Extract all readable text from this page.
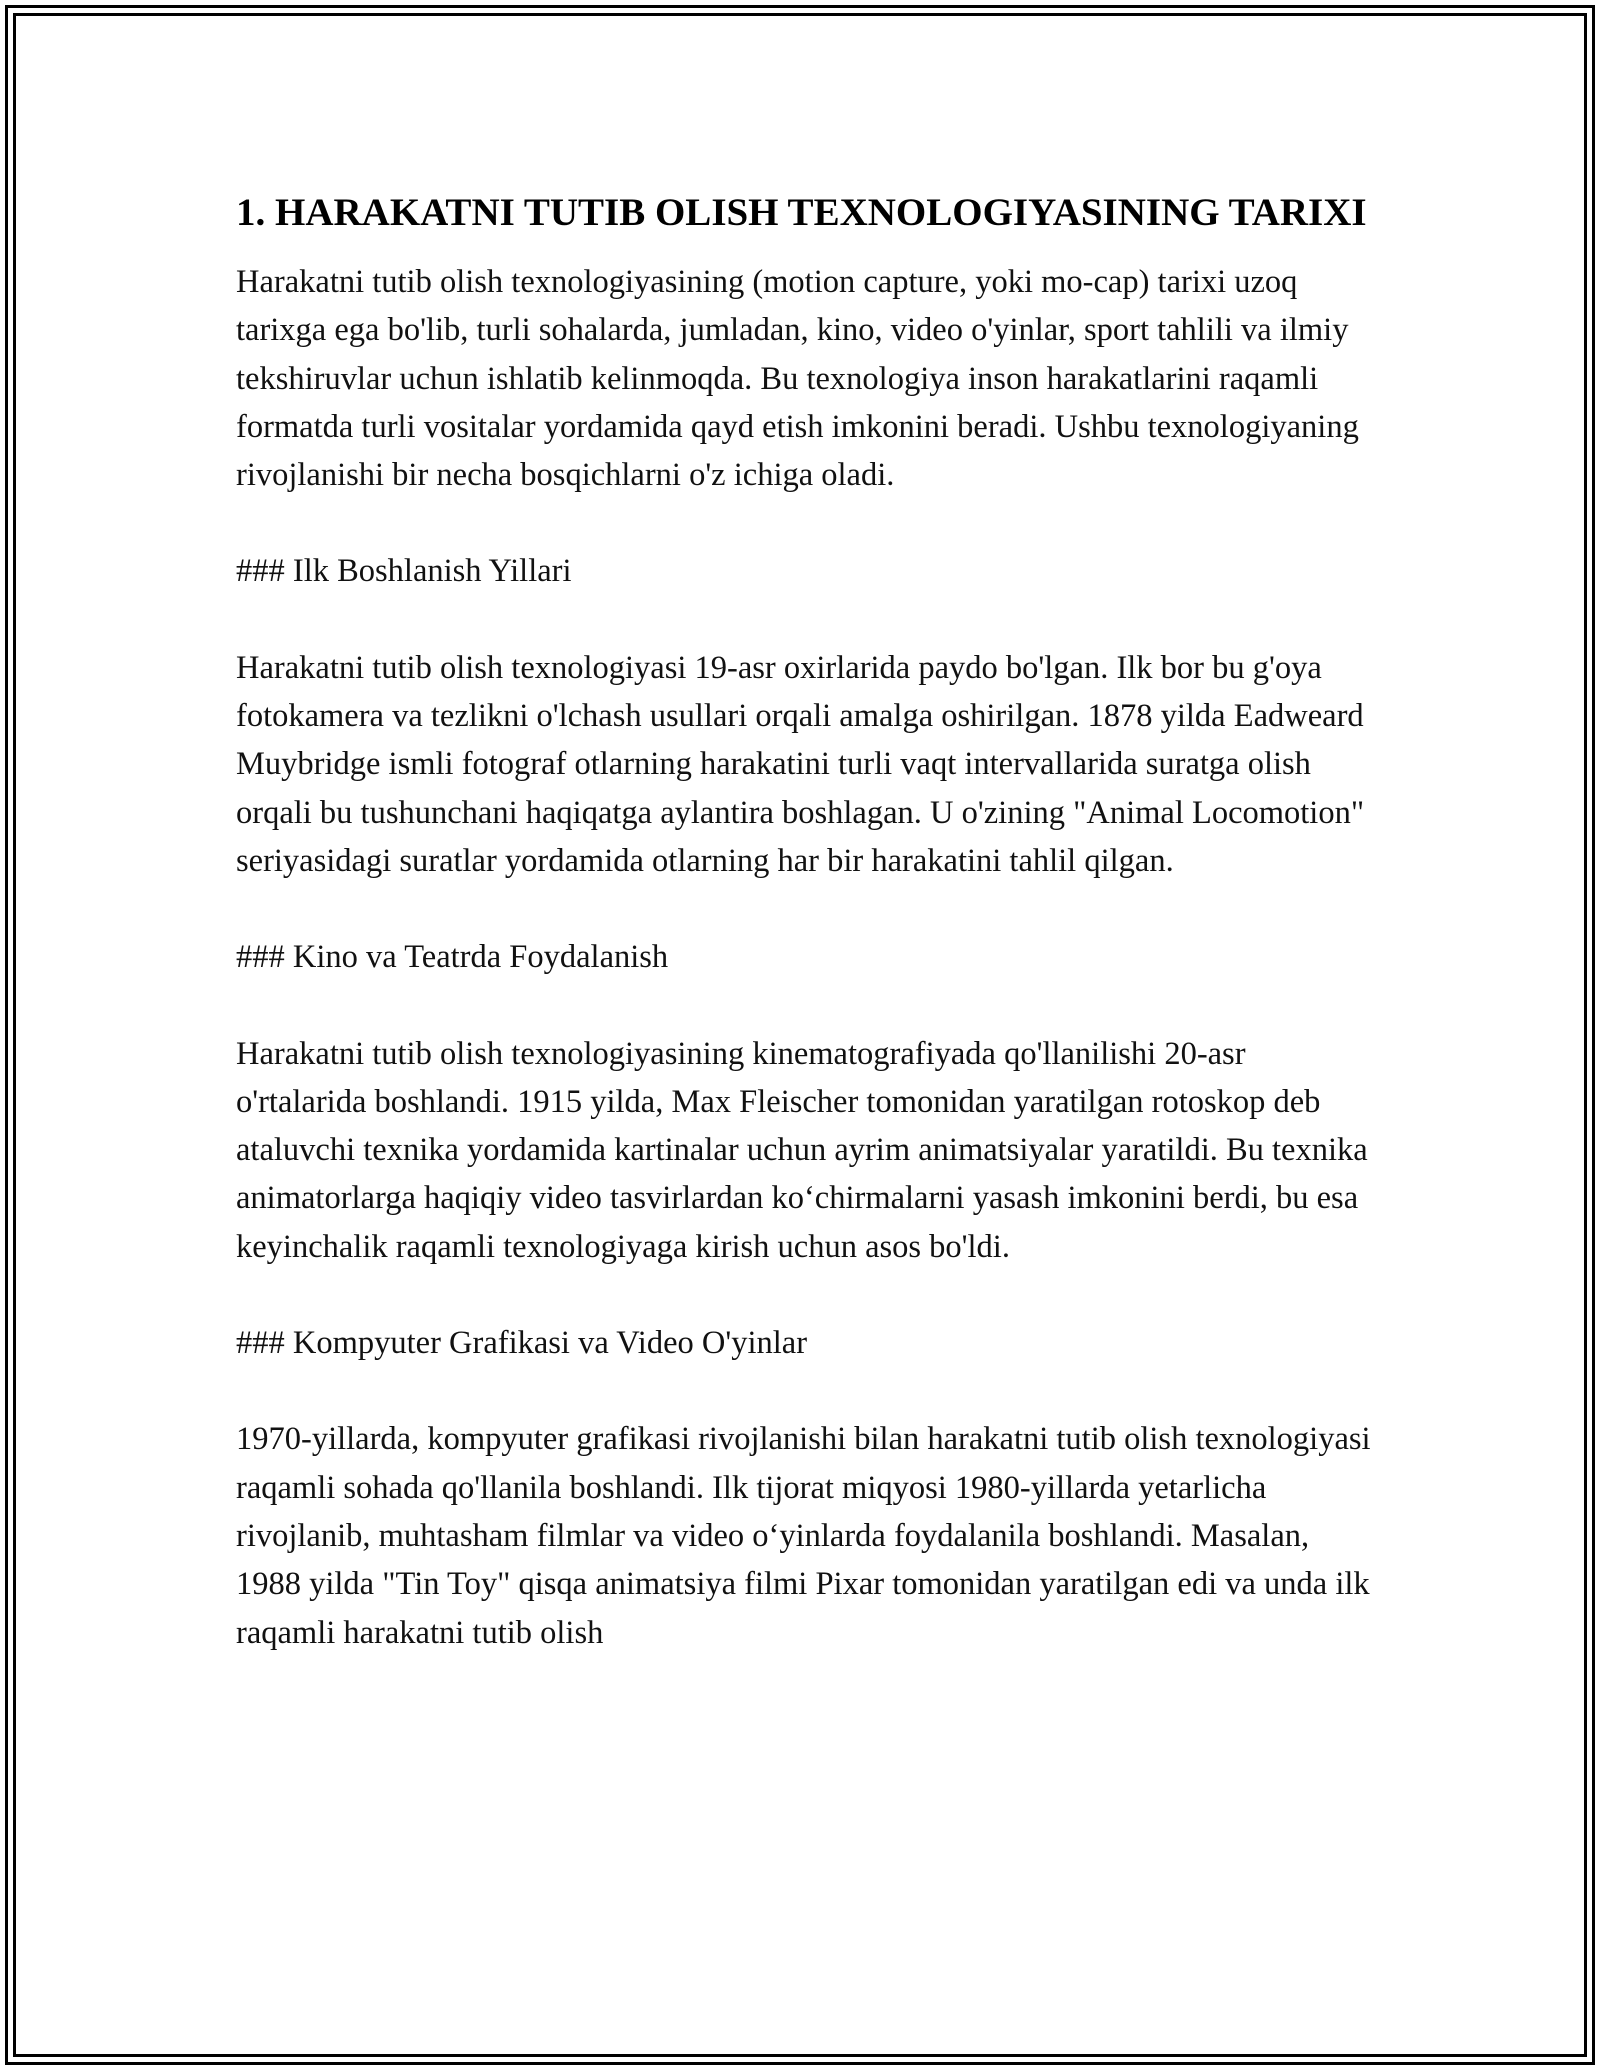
1. HARAKATNI TUTIB OLISH TEXNOLOGIYASINING TARIXI

Harakatni tutib olish texnologiyasining (motion capture, yoki mo-cap) tarixi uzoq tarixga ega bo'lib, turli sohalarda, jumladan, kino, video o'yinlar, sport tahlili va ilmiy tekshiruvlar uchun ishlatib kelinmoqda. Bu texnologiya inson harakatlarini raqamli formatda turli vositalar yordamida qayd etish imkonini beradi. Ushbu texnologiyaning rivojlanishi bir necha bosqichlarni o'z ichiga oladi.

### Ilk Boshlanish Yillari

Harakatni tutib olish texnologiyasi 19-asr oxirlarida paydo bo'lgan. Ilk bor bu g'oya fotokamera va tezlikni o'lchash usullari orqali amalga oshirilgan. 1878 yilda Eadweard Muybridge ismli fotograf otlarning harakatini turli vaqt intervallarida suratga olish orqali bu tushunchani haqiqatga aylantira boshlagan. U o'zining "Animal Locomotion" seriyasidagi suratlar yordamida otlarning har bir harakatini tahlil qilgan.

### Kino va Teatrda Foydalanish

Harakatni tutib olish texnologiyasining kinematografiyada qo'llanilishi 20-asr o'rtalarida boshlandi. 1915 yilda, Max Fleischer tomonidan yaratilgan rotoskop deb ataluvchi texnika yordamida kartinalar uchun ayrim animatsiyalar yaratildi. Bu texnika animatorlarga haqiqiy video tasvirlardan ko‘chirmalarni yasash imkonini berdi, bu esa keyinchalik raqamli texnologiyaga kirish uchun asos bo'ldi.

### Kompyuter Grafikasi va Video O'yinlar

1970-yillarda, kompyuter grafikasi rivojlanishi bilan harakatni tutib olish texnologiyasi raqamli sohada qo'llanila boshlandi. Ilk tijorat miqyosi 1980-yillarda yetarlicha rivojlanib, muhtasham filmlar va video o‘yinlarda foydalanila boshlandi. Masalan, 1988 yilda "Tin Toy" qisqa animatsiya filmi Pixar tomonidan yaratilgan edi va unda ilk raqamli harakatni tutib olish
